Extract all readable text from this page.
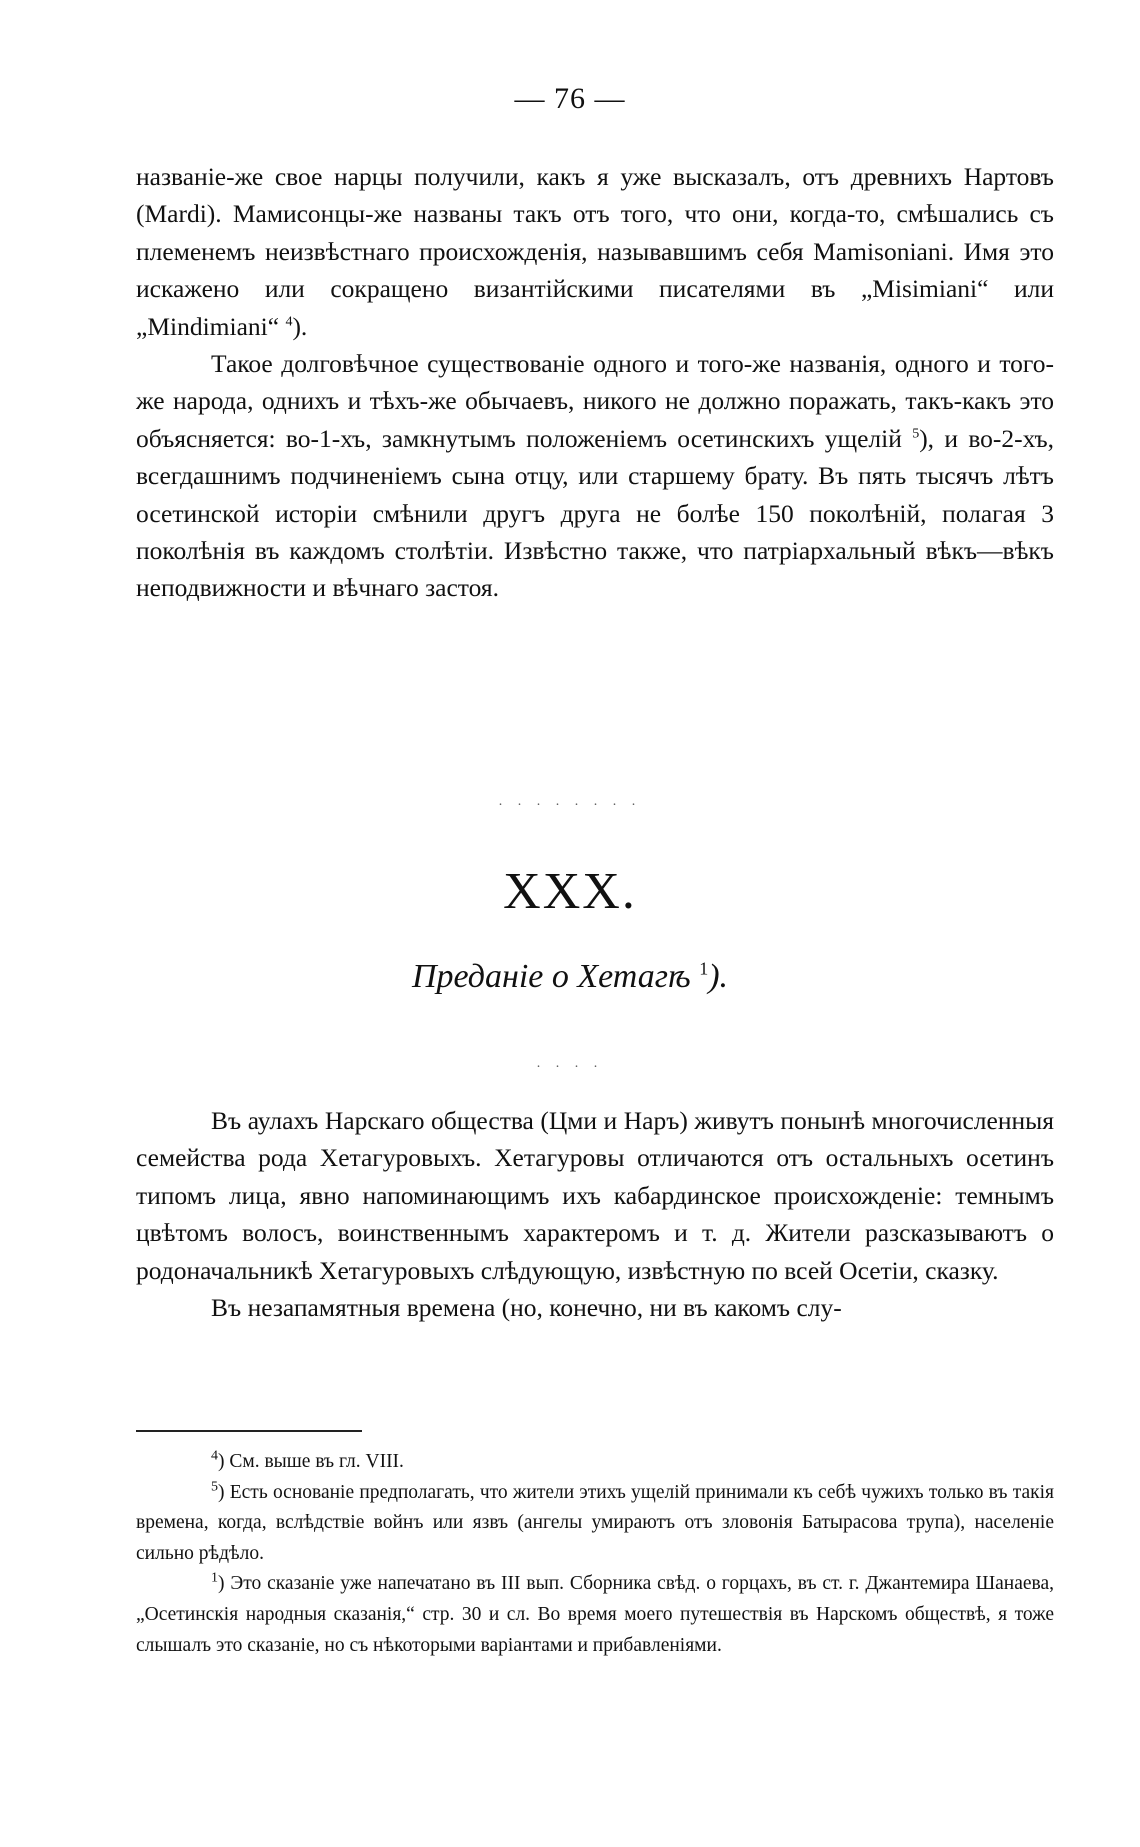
— 76 —

названіе-же свое нарцы получили, какъ я уже высказалъ, отъ древнихъ Нартовъ (Mardi). Мамисонцы-же названы такъ отъ того, что они, когда-то, смѣшались съ племенемъ неизвѣстнаго происхожденія, называвшимъ себя Mamisoniani. Имя это искажено или сокращено византійскими писателями въ „Misimiani“ или „Mindimiani“ $^4$).

Такое долговѣчное существованіе одного и того-же названія, одного и того-же народа, однихъ и тѣхъ-же обычаевъ, никого не должно поражать, такъ-какъ это объясняется: во-1-хъ, замкнутымъ положеніемъ осетинскихъ ущелій $^5$), и во-2-хъ, всегдашнимъ подчиненіемъ сына отцу, или старшему брату. Въ пять тысячъ лѣтъ осетинской исторіи смѣнили другъ друга не болѣе 150 поколѣній, полагая 3 поколѣнія въ каждомъ столѣтіи. Извѣстно также, что патріархальный вѣкъ—вѣкъ неподвижности и вѣчнаго застоя.

. . . . . . . .
XXX.
Преданіе о Хетагѣ $^1$).
. . . .

Въ аулахъ Нарскаго общества (Цми и Наръ) живутъ понынѣ многочисленныя семейства рода Хетагуровыхъ. Хетагуровы отличаются отъ остальныхъ осетинъ типомъ лица, явно напоминающимъ ихъ кабардинское происхожденіе: темнымъ цвѣтомъ волосъ, воинственнымъ характеромъ и т. д. Жители разсказываютъ о родоначальникѣ Хетагуровыхъ слѣдующую, извѣстную по всей Осетіи, сказку.

Въ незапамятныя времена (но, конечно, ни въ какомъ слу-

$^4$) См. выше въ гл. VIII.

$^5$) Есть основаніе предполагать, что жители этихъ ущелій принимали къ себѣ чужихъ только въ такія времена, когда, вслѣдствіе войнъ или язвъ (ангелы умираютъ отъ зловонія Батырасова трупа), населеніе сильно рѣдѣло.

$^1$) Это сказаніе уже напечатано въ III вып. Сборника свѣд. о горцахъ, въ ст. г. Джантемира Шанаева, „Осетинскія народныя сказанія,“ стр. 30 и сл. Во время моего путешествія въ Нарскомъ обществѣ, я тоже слышалъ это сказаніе, но съ нѣкоторыми варіантами и прибавленіями.
